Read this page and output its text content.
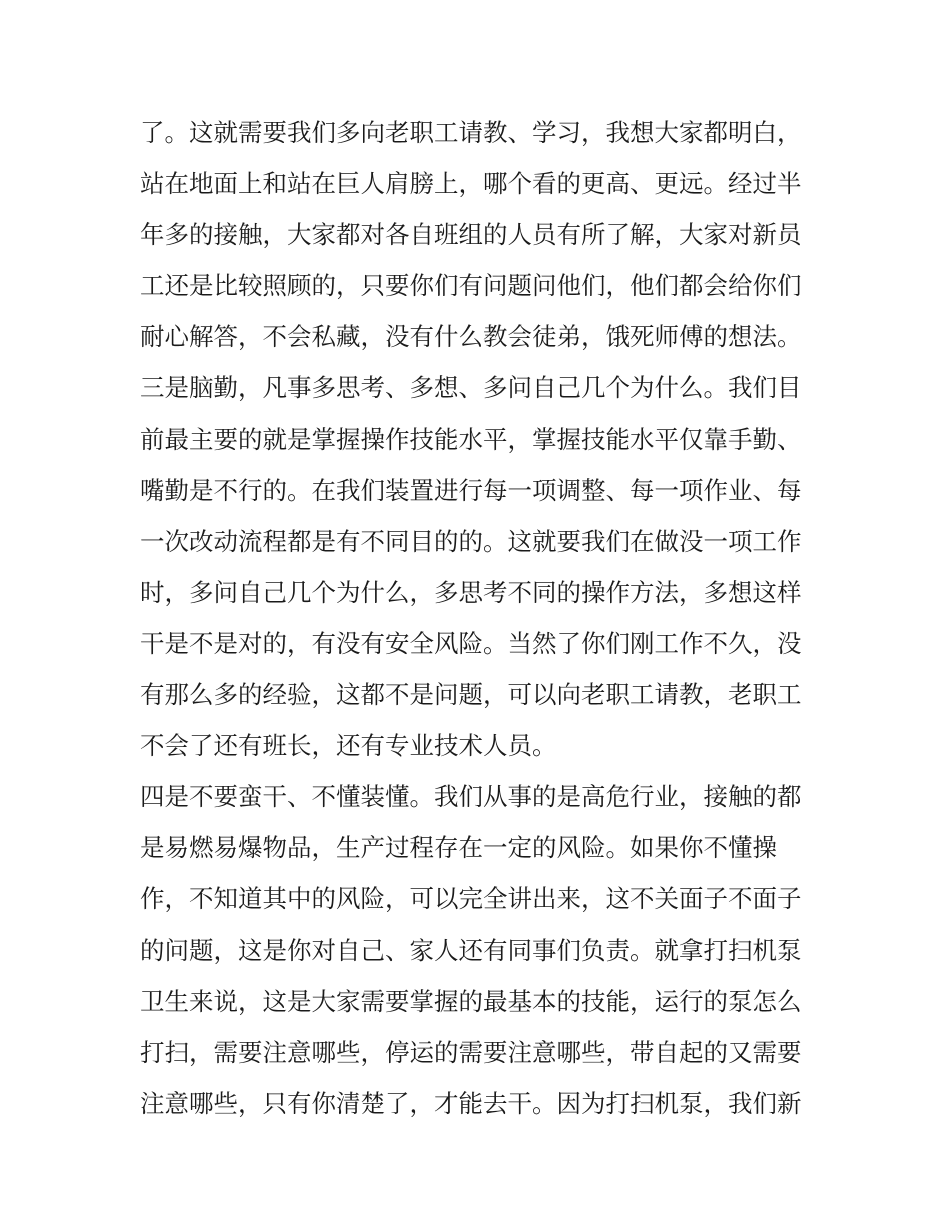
了。这就需要我们多向老职工请教、学习，我想大家都明白，
站在地面上和站在巨人肩膀上，哪个看的更高、更远。经过半
年多的接触，大家都对各自班组的人员有所了解，大家对新员
工还是比较照顾的，只要你们有问题问他们，他们都会给你们
耐心解答，不会私藏，没有什么教会徒弟，饿死师傅的想法。
三是脑勤，凡事多思考、多想、多问自己几个为什么。我们目
前最主要的就是掌握操作技能水平，掌握技能水平仅靠手勤、
嘴勤是不行的。在我们装置进行每一项调整、每一项作业、每
一次改动流程都是有不同目的的。这就要我们在做没一项工作
时，多问自己几个为什么，多思考不同的操作方法，多想这样
干是不是对的，有没有安全风险。当然了你们刚工作不久，没
有那么多的经验，这都不是问题，可以向老职工请教，老职工
不会了还有班长，还有专业技术人员。
四是不要蛮干、不懂装懂。我们从事的是高危行业，接触的都
是易燃易爆物品，生产过程存在一定的风险。如果你不懂操
作，不知道其中的风险，可以完全讲出来，这不关面子不面子
的问题，这是你对自己、家人还有同事们负责。就拿打扫机泵
卫生来说，这是大家需要掌握的最基本的技能，运行的泵怎么
打扫，需要注意哪些，停运的需要注意哪些，带自起的又需要
注意哪些，只有你清楚了，才能去干。因为打扫机泵，我们新
